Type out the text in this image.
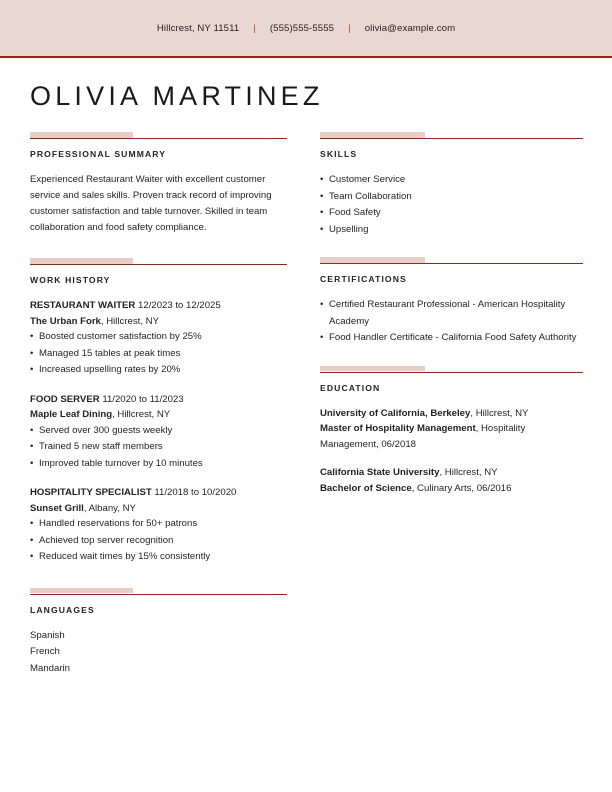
Hillcrest, NY 11511	|	(555)555-5555	|	olivia@example.com
OLIVIA MARTINEZ
PROFESSIONAL SUMMARY
Experienced Restaurant Waiter with excellent customer service and sales skills. Proven track record of improving customer satisfaction and table turnover. Skilled in team collaboration and food safety compliance.
WORK HISTORY
RESTAURANT WAITER 12/2023 to 12/2025
The Urban Fork, Hillcrest, NY
• Boosted customer satisfaction by 25%
• Managed 15 tables at peak times
• Increased upselling rates by 20%
FOOD SERVER 11/2020 to 11/2023
Maple Leaf Dining, Hillcrest, NY
• Served over 300 guests weekly
• Trained 5 new staff members
• Improved table turnover by 10 minutes
HOSPITALITY SPECIALIST 11/2018 to 10/2020
Sunset Grill, Albany, NY
• Handled reservations for 50+ patrons
• Achieved top server recognition
• Reduced wait times by 15% consistently
LANGUAGES
Spanish
French
Mandarin
SKILLS
• Customer Service
• Team Collaboration
• Food Safety
• Upselling
CERTIFICATIONS
• Certified Restaurant Professional - American Hospitality Academy
• Food Handler Certificate - California Food Safety Authority
EDUCATION
University of California, Berkeley, Hillcrest, NY
Master of Hospitality Management, Hospitality Management, 06/2018
California State University, Hillcrest, NY
Bachelor of Science, Culinary Arts, 06/2016
